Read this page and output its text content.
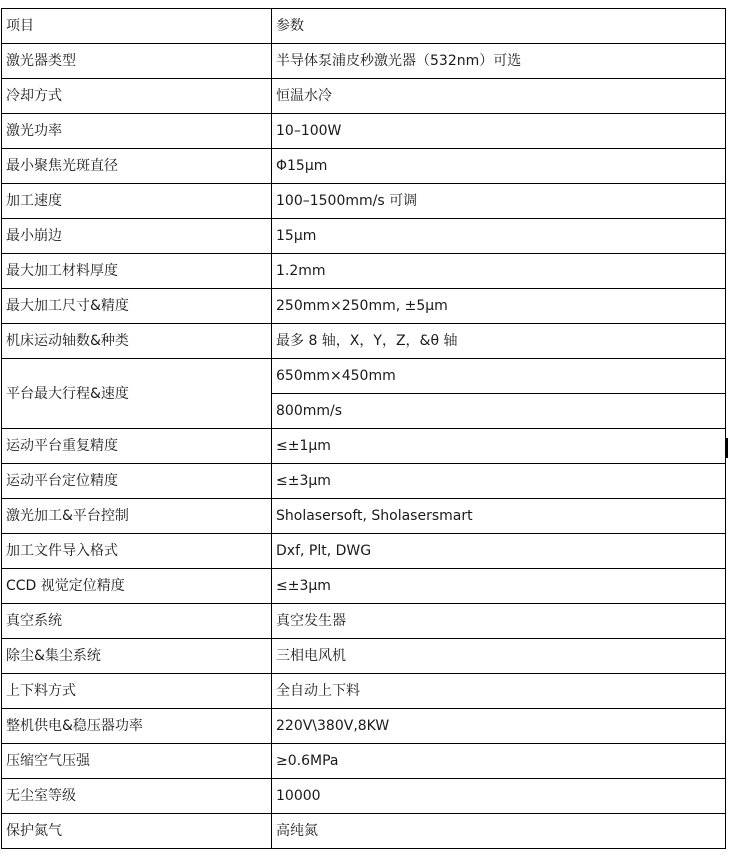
项目	参数
激光器类型	半导体泵浦皮秒激光器（532nm）可选
冷却方式	恒温水冷
激光功率	10–100W
最小聚焦光斑直径	Φ15μm
加工速度	100–1500mm/s 可调
最小崩边	15μm
最大加工材料厚度	1.2mm
最大加工尺寸&精度	250mm×250mm, ±5μm
机床运动轴数&种类	最多 8 轴，X，Y，Z，&θ 轴
平台最大行程&速度	650mm×450mm
	800mm/s
运动平台重复精度	≤±1μm
运动平台定位精度	≤±3μm
激光加工&平台控制	Sholasersoft, Sholasersmart
加工文件导入格式	Dxf, Plt, DWG
CCD 视觉定位精度	≤±3μm
真空系统	真空发生器
除尘&集尘系统	三相电风机
上下料方式	全自动上下料
整机供电&稳压器功率	220V\380V,8KW
压缩空气压强	≥0.6MPa
无尘室等级	10000
保护氮气	高纯氮
